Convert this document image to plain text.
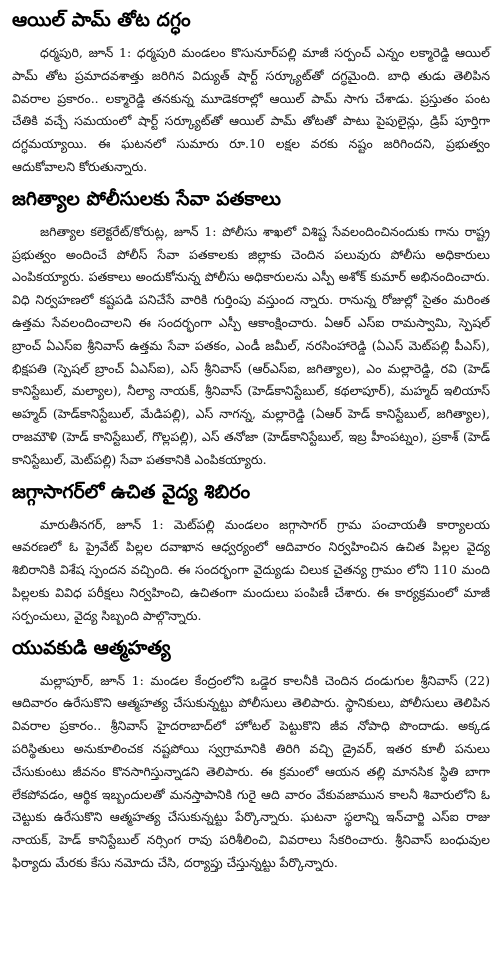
ఆయిల్ పామ్ తోట దగ్ధం

ధర్మపురి, జూన్ 1: ధర్మపురి మండలం కొసునూర్‌పల్లి మాజీ సర్పంచ్ ఎన్నం లక్మారెడ్డి ఆయిల్ పామ్ తోట ప్రమాదవశాత్తు జరిగిన విద్యుత్ షార్ట్ సర్క్యూట్‌తో దగ్ధమైంది. బాధి తుడు తెలిపిన వివరాల ప్రకారం.. లక్మారెడ్డి తనకున్న మూడెకరాల్లో ఆయిల్ పామ్ సాగు చేశాడు. ప్రస్తుతం పంట చేతికి వచ్చే సమయంలో షార్ట్ సర్క్యూట్‌తో ఆయిల్ పామ్ తోటతో పాటు పైపులైన్లు, డ్రిప్ పూర్తిగా దగ్ధమయ్యాయి. ఈ ఘటనలో సుమారు రూ.10 లక్షల వరకు నష్టం జరిగిందని, ప్రభుత్వం ఆదుకోవాలని కోరుతున్నారు.

జగిత్యాల పోలీసులకు సేవా పతకాలు

జగిత్యాల కలెక్టరేట్/కోరుట్ల, జూన్ 1: పోలీసు శాఖలో విశిష్ట సేవలందించినందుకు గాను రాష్ట్ర ప్రభుత్వం అందించే పోలీస్ సేవా పతకాలకు జిల్లాకు చెందిన పలువురు పోలీసు అధికారులు ఎంపికయ్యారు. పతకాలు అందుకోనున్న పోలీసు అధికారులను ఎస్పీ అశోక్ కుమార్ అభినందించారు. విధి నిర్వహణలో కష్టపడి పనిచేసే వారికి గుర్తింపు వస్తుంద న్నారు. రానున్న రోజుల్లో సైతం మరింత ఉత్తమ సేవలందించాలని ఈ సందర్భంగా ఎస్పీ ఆకాంక్షించారు. ఏఆర్ ఎస్ఐ రామస్వామి, స్పెషల్ బ్రాంచ్ ఏఎస్ఐ శ్రీనివాస్ ఉత్తమ సేవా పతకం, ఎండీ జమీల్, నరసింహారెడ్డి (ఏఎస్ మెట్‌పల్లి పీఎస్), భిక్షపతి (స్పెషల్ బ్రాంచ్ ఏఎస్ఐ), ఎస్ శ్రీనివాస్ (ఆర్ఎస్ఐ, జగిత్యాల), ఎం మల్లారెడ్డి, రవి (హెడ్ కానిస్టేబుల్, మల్యాల), నీల్యా నాయక్, శ్రీనివాస్ (హెడ్‌కానిస్టేబుల్, కథలాపూర్), మహ్మద్ ఇలియాస్ అహ్మద్ (హెడ్‌కానిస్టేబుల్, మేడిపల్లి), ఎస్ నాగన్న, మల్లారెడ్డి (ఏఆర్ హెడ్ కానిస్టేబుల్, జగిత్యాల), రాజమౌళి (హెడ్ కానిస్టేబుల్, గొల్లపల్లి), ఎస్ తనోజా (హెడ్‌కానిస్టేబుల్, ఇబ్ర హీంపట్నం), ప్రకాశ్ (హెడ్ కానిస్టేబుల్, మెట్‌పల్లి) సేవా పతకానికి ఎంపికయ్యారు.

జగ్గాసాగర్‌లో ఉచిత వైద్య శిబిరం

మారుతీనగర్, జూన్ 1: మెట్‌పల్లి మండలం జగ్గాసాగర్ గ్రామ పంచాయతీ కార్యాలయ ఆవరణలో ఓ ప్రైవేట్ పిల్లల దవాఖాన ఆధ్వర్యంలో ఆదివారం నిర్వహించిన ఉచిత పిల్లల వైద్య శిబిరానికి విశేష స్పందన వచ్చింది. ఈ సందర్భంగా వైద్యుడు చిలుక చైతన్య గ్రామం లోని 110 మంది పిల్లలకు వివిధ పరీక్షలు నిర్వహించి, ఉచితంగా మందులు పంపిణీ చేశారు. ఈ కార్యక్రమంలో మాజీ సర్పంచులు, వైద్య సిబ్బంది పాల్గొన్నారు.

యువకుడి ఆత్మహత్య

మల్లాపూర్, జూన్ 1: మండల కేంద్రంలోని ఒడ్డెర కాలనీకి చెందిన దండుగుల శ్రీనివాస్ (22) ఆదివారం ఉరేసుకొని ఆత్మహత్య చేసుకున్నట్టు పోలీసులు తెలిపారు. స్థానికులు, పోలీసులు తెలిపిన వివరాల ప్రకారం.. శ్రీనివాస్ హైదరాబాద్‌లో హోటల్ పెట్టుకొని జీవ నోపాధి పొందాడు. అక్కడ పరిస్థితులు అనుకూలించక నష్టపోయి స్వగ్రామానికి తిరిగి వచ్చి డ్రైవర్, ఇతర కూలీ పనులు చేసుకుంటు జీవనం కొనసాగిస్తున్నాడని తెలిపారు. ఈ క్రమంలో ఆయన తల్లి మానసిక స్థితి బాగా లేకపోవడం, ఆర్థిక ఇబ్బందులతో మనస్తాపానికి గురై ఆది వారం వేకువజామున కాలనీ శివారులోని ఓ చెట్టుకు ఉరేసుకొని ఆత్మహత్య చేసుకున్నట్టు పేర్కొన్నారు. ఘటనా స్థలాన్ని ఇన్‌చార్జి ఎస్ఐ రాజు నాయక్, హెడ్ కానిస్టేబుల్ నర్సింగ రావు పరిశీలించి, వివరాలు సేకరించారు. శ్రీనివాస్ బంధువుల ఫిర్యాదు మేరకు కేసు నమోదు చేసి, దర్యాప్తు చేస్తున్నట్టు పేర్కొన్నారు.
